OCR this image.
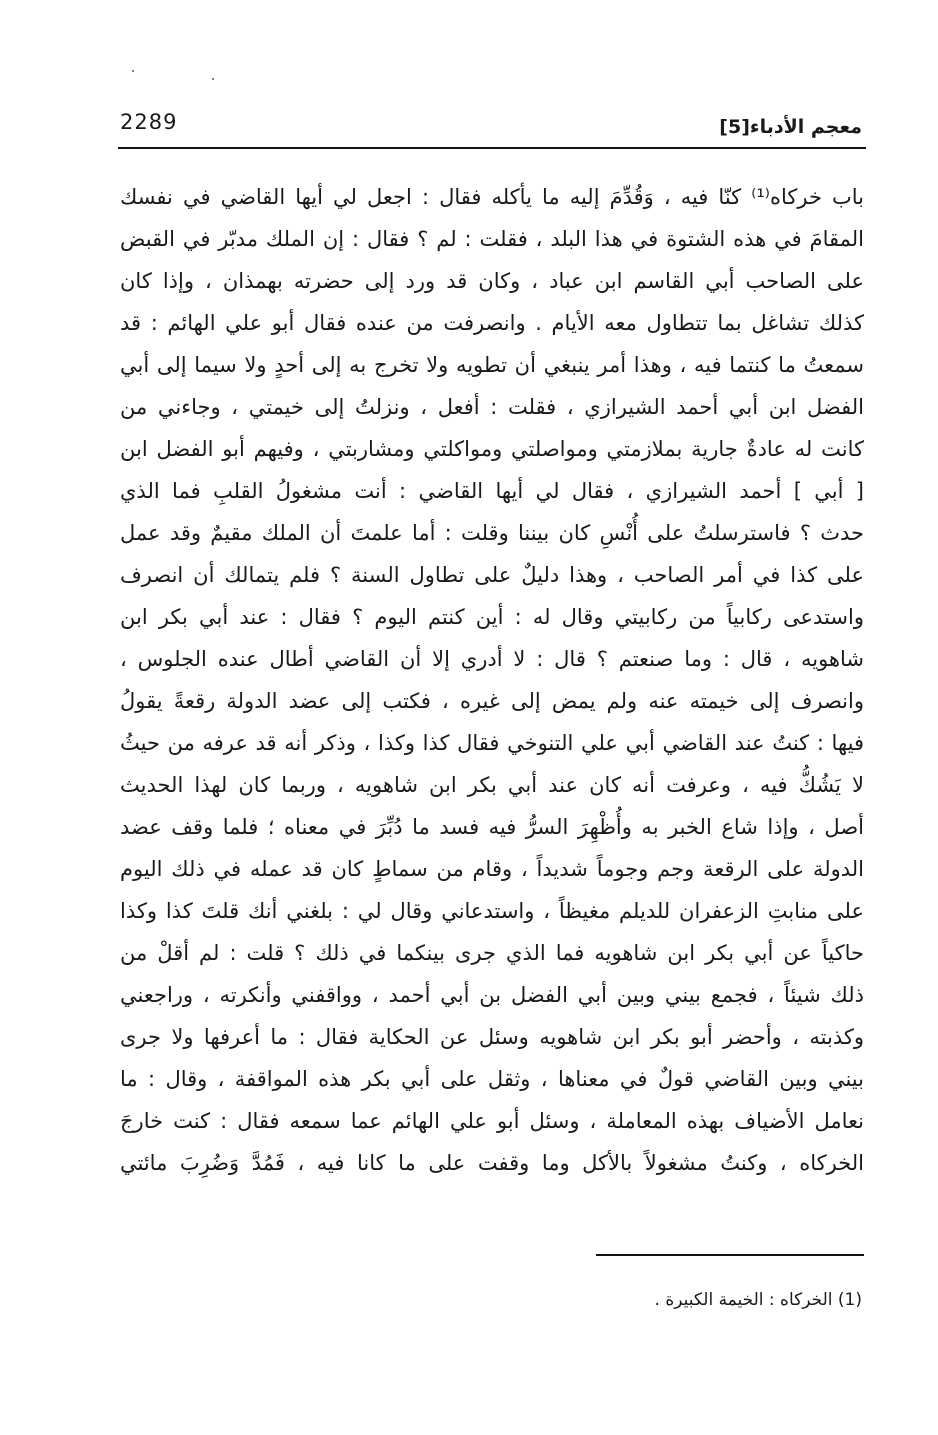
2289	معجم الأدباء[5]
باب خرکاه⁽¹⁾ كنّا فيه ، وَقُدِّمَ إليه ما يأكله فقال : اجعل لي أيها القاضي في نفسك
المقامَ في هذه الشتوة في هذا البلد ، فقلت : لم ؟ فقال : إن الملك مدبّر في القبض
على الصاحب أبي القاسم ابن عباد ، وكان قد ورد إلى حضرته بهمذان ، وإذا كان
كذلك تشاغل بما تتطاول معه الأيام . وانصرفت من عنده فقال أبو علي الهائم : قد
سمعتُ ما كنتما فيه ، وهذا أمر ينبغي أن تطويه ولا تخرج به إلى أحدٍ ولا سيما إلى أبي
الفضل ابن أبي أحمد الشيرازي ، فقلت : أفعل ، ونزلتُ إلى خيمتي ، وجاءني من
كانت له عادةٌ جارية بملازمتي ومواصلتي ومواكلتي ومشاربتي ، وفيهم أبو الفضل ابن
[ أبي ] أحمد الشيرازي ، فقال لي أيها القاضي : أنت مشغولُ القلبِ فما الذي
حدث ؟ فاسترسلتُ على أُنْسِ كان بيننا وقلت : أما علمتَ أن الملك مقيمٌ وقد عمل
على كذا في أمر الصاحب ، وهذا دليلٌ على تطاول السنة ؟ فلم يتمالك أن انصرف
واستدعى ركابياً من ركابيتي وقال له : أين كنتم اليوم ؟ فقال : عند أبي بكر ابن
شاهويه ، قال : وما صنعتم ؟ قال : لا أدري إلا أن القاضي أطال عنده الجلوس ،
وانصرف إلى خيمته عنه ولم يمض إلى غيره ، فكتب إلى عضد الدولة رقعةً يقولُ
فيها : كنتُ عند القاضي أبي علي التنوخي فقال كذا وكذا ، وذكر أنه قد عرفه من حيثُ
لا يَشُكُّ فيه ، وعرفت أنه كان عند أبي بكر ابن شاهويه ، وربما كان لهذا الحديث
أصل ، وإذا شاع الخبر به وأُظْهِرَ السرُّ فيه فسد ما دُبِّرَ في معناه ؛ فلما وقف عضد
الدولة على الرقعة وجم وجوماً شديداً ، وقام من سماطٍ كان قد عمله في ذلك اليوم
على منابتِ الزعفران للديلم مغيظاً ، واستدعاني وقال لي : بلغني أنك قلتَ كذا وكذا
حاكياً عن أبي بكر ابن شاهويه فما الذي جرى بينكما في ذلك ؟ قلت : لم أقلْ من
ذلك شيئاً ، فجمع بيني وبين أبي الفضل بن أبي أحمد ، وواقفني وأنكرته ، وراجعني
وكذبته ، وأحضر أبو بكر ابن شاهويه وسئل عن الحكاية فقال : ما أعرفها ولا جرى
بيني وبين القاضي قولٌ في معناها ، وثقل على أبي بكر هذه المواقفة ، وقال : ما
نعامل الأضياف بهذه المعاملة ، وسئل أبو علي الهائم عما سمعه فقال : كنت خارجَ
الخركاه ، وكنتُ مشغولاً بالأكل وما وقفت على ما كانا فيه ، فَمُدَّ وَضُرِبَ مائتي
(1) الخركاه : الخيمة الكبيرة .
